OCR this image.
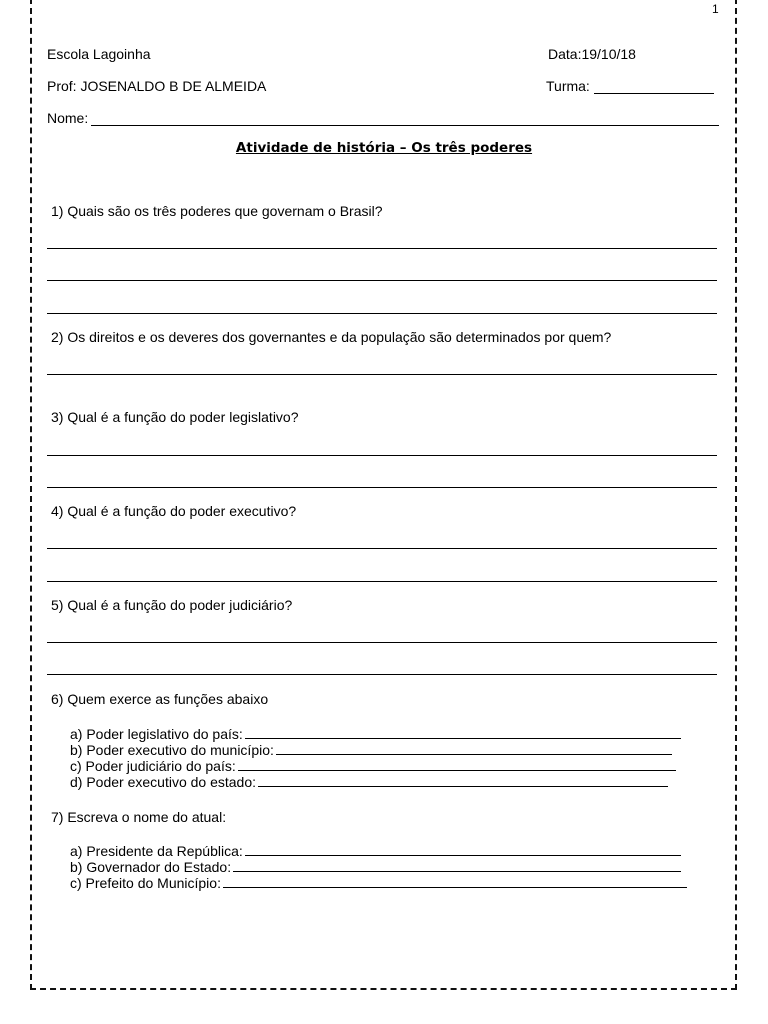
1
Escola Lagoinha	Data:19/10/18
Prof: JOSENALDO B DE ALMEIDA	Turma:
Nome:
Atividade de história – Os três poderes
1) Quais são os três poderes que governam o Brasil?
2) Os direitos e os deveres dos governantes e da população são determinados por quem?
3) Qual é a função do poder legislativo?
4) Qual é a função do poder executivo?
5) Qual é a função do poder judiciário?
6) Quem exerce as funções abaixo
a) Poder legislativo do país:
b) Poder executivo do município:
c) Poder judiciário do país:
d) Poder executivo do estado:
7) Escreva o nome do atual:
a) Presidente da República:
b) Governador do Estado:
c) Prefeito do Município:
